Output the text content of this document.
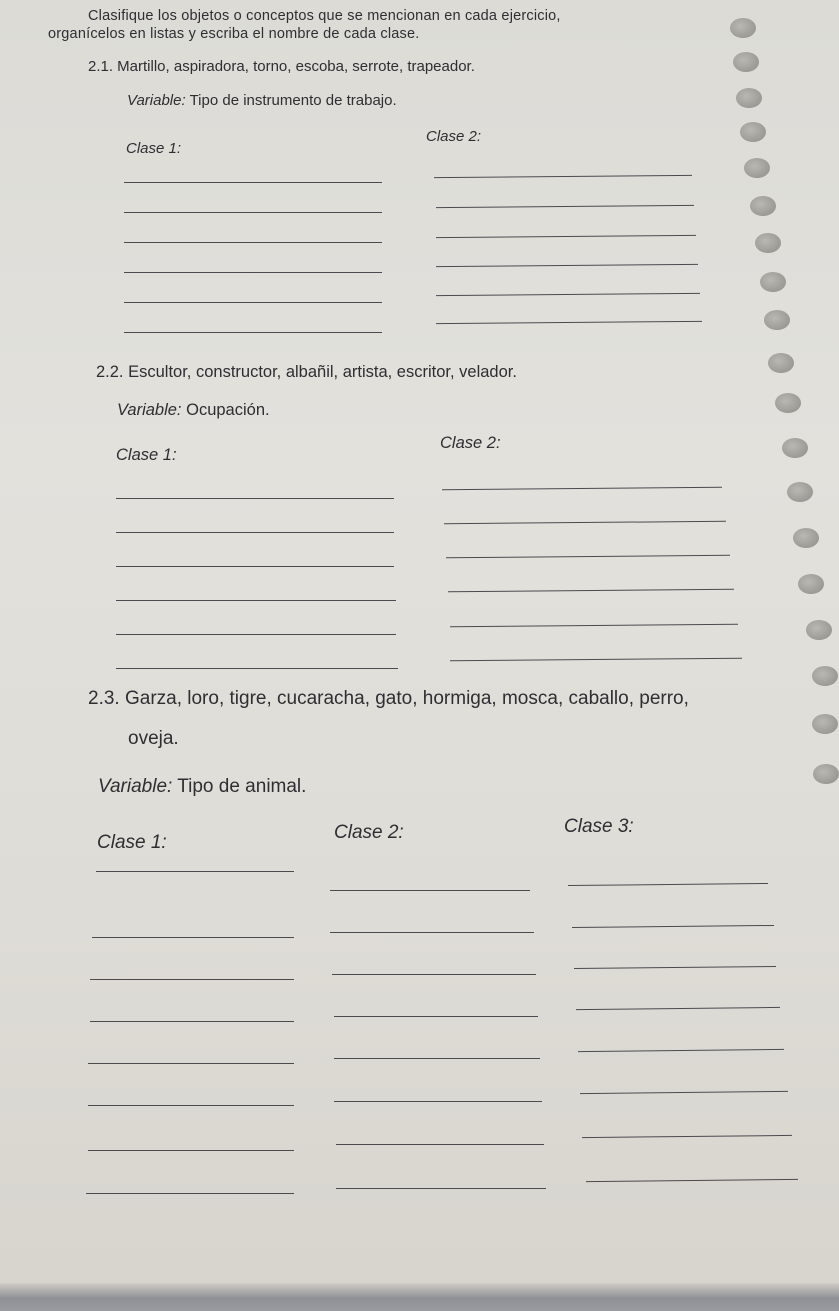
Clasifique los objetos o conceptos que se mencionan en cada ejercicio,
organícelos en listas y escriba el nombre de cada clase.
2.1. Martillo, aspiradora, torno, escoba, serrote, trapeador.
Variable: Tipo de instrumento de trabajo.
Clase 1:
Clase 2:
2.2. Escultor, constructor, albañil, artista, escritor, velador.
Variable: Ocupación.
Clase 1:
Clase 2:
2.3. Garza, loro, tigre, cucaracha, gato, hormiga, mosca, caballo, perro,
oveja.
Variable: Tipo de animal.
Clase 1:	Clase 2:	Clase 3:
